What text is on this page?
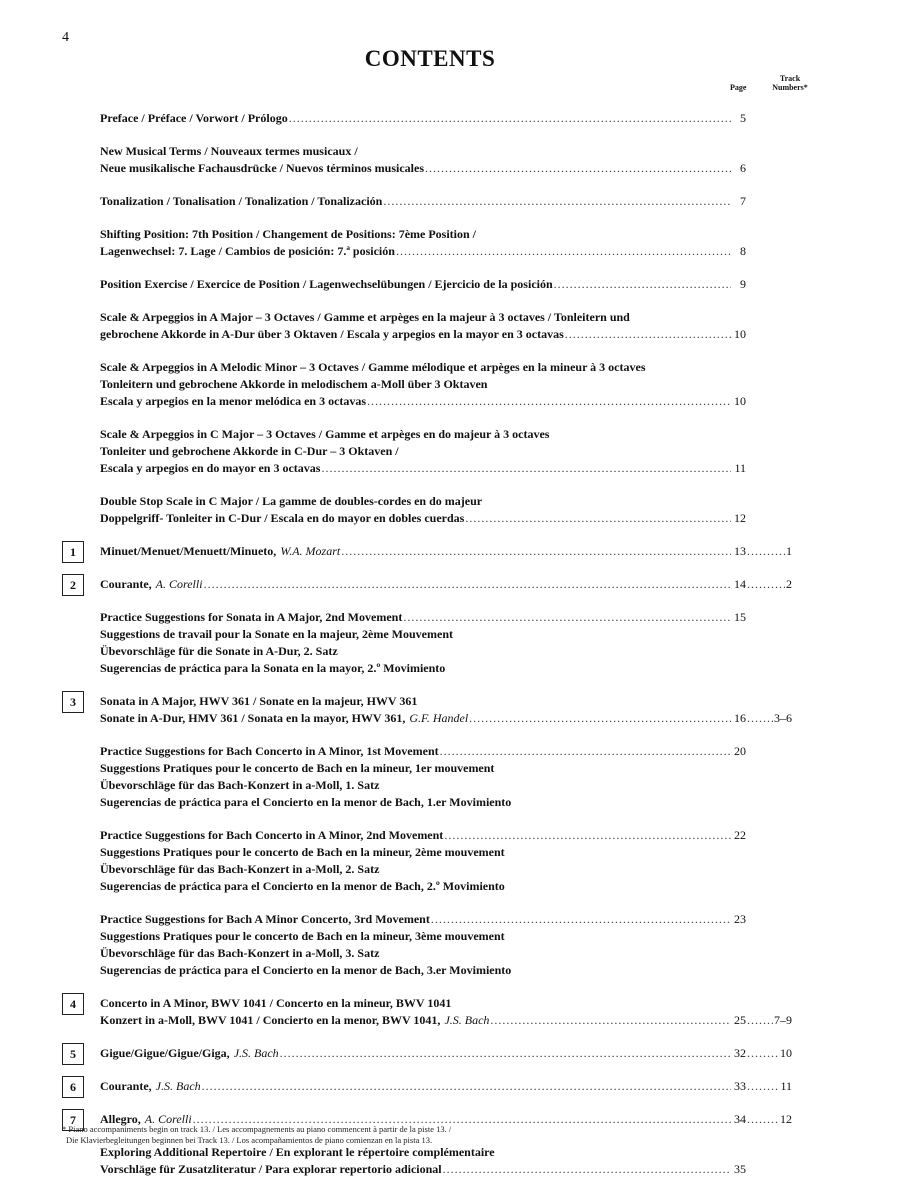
4
CONTENTS
Page
Track
Numbers*
Preface / Préface / Vorwort / Prólogo .....	5
New Musical Terms / Nouveaux termes musicaux /
Neue musikalische Fachausdrücke / Nuevos términos musicales .....	6
Tonalization / Tonalisation / Tonalization / Tonalización .....	7
Shifting Position: 7th Position / Changement de Positions: 7ème Position /
Lagenwechsel: 7. Lage / Cambios de posición: 7.ª posición .....	8
Position Exercise / Exercice de Position / Lagenwechselübungen / Ejercicio de la posición .....	9
Scale & Arpeggios in A Major – 3 Octaves / Gamme et arpèges en la majeur à 3 octaves / Tonleitern und
gebrochene Akkorde in A-Dur über 3 Oktaven / Escala y arpegios en la mayor en 3 octavas .....	10
Scale & Arpeggios in A Melodic Minor – 3 Octaves / Gamme mélodique et arpèges en la mineur à 3 octaves
Tonleitern und gebrochene Akkorde in melodischem a-Moll über 3 Oktaven
Escala y arpegios en la menor melódica en 3 octavas .....	10
Scale & Arpeggios in C Major – 3 Octaves / Gamme et arpèges en do majeur à 3 octaves
Tonleiter und gebrochene Akkorde in C-Dur – 3 Oktaven /
Escala y arpegios en do mayor en 3 octavas .....	11
Double Stop Scale in C Major / La gamme de doubles-cordes en do majeur
Doppelgriff- Tonleiter in C-Dur / Escala en do mayor en dobles cuerdas .....	12
1	Minuet/Menuet/Menuett/Minueto, W.A. Mozart .....	13 .....	1
2	Courante, A. Corelli .....	14 .....	2
Practice Suggestions for Sonata in A Major, 2nd Movement .....	15
Suggestions de travail pour la Sonate en la majeur, 2ème Mouvement
Übevorschläge für die Sonate in A-Dur, 2. Satz
Sugerencias de práctica para la Sonata en la mayor, 2.º Movimiento
3	Sonata in A Major, HWV 361 / Sonate en la majeur, HWV 361
Sonate in A-Dur, HMV 361 / Sonata en la mayor, HWV 361, G.F. Handel .....	16 ..... 3–6
Practice Suggestions for Bach Concerto in A Minor, 1st Movement .....	20
Suggestions Pratiques pour le concerto de Bach en la mineur, 1er mouvement
Übevorschläge für das Bach-Konzert in a-Moll, 1. Satz
Sugerencias de práctica para el Concierto en la menor de Bach, 1.er Movimiento
Practice Suggestions for Bach Concerto in A Minor, 2nd Movement .....	22
Suggestions Pratiques pour le concerto de Bach en la mineur, 2ème mouvement
Übevorschläge für das Bach-Konzert in a-Moll, 2. Satz
Sugerencias de práctica para el Concierto en la menor de Bach, 2.º Movimiento
Practice Suggestions for Bach A Minor Concerto, 3rd Movement .....	23
Suggestions Pratiques pour le concerto de Bach en la mineur, 3ème mouvement
Übevorschläge für das Bach-Konzert in a-Moll, 3. Satz
Sugerencias de práctica para el Concierto en la menor de Bach, 3.er Movimiento
4	Concerto in A Minor, BWV 1041 / Concerto en la mineur, BWV 1041
Konzert in a-Moll, BWV 1041 / Concierto en la menor, BWV 1041, J.S. Bach .....	25 ..... 7–9
5	Gigue/Gigue/Gigue/Giga, J.S. Bach .....	32 .....	10
6	Courante, J.S. Bach .....	33 .....	11
7	Allegro, A. Corelli .....	34 .....	12
Exploring Additional Repertoire / En explorant le répertoire complémentaire
Vorschläge für Zusatzliteratur / Para explorar repertorio adicional .....	35
* Piano accompaniments begin on track 13. / Les accompagnements au piano commencent à partir de la piste 13. /
Die Klavierbegleitungen beginnen bei Track 13. / Los acompañamientos de piano comienzan en la pista 13.
